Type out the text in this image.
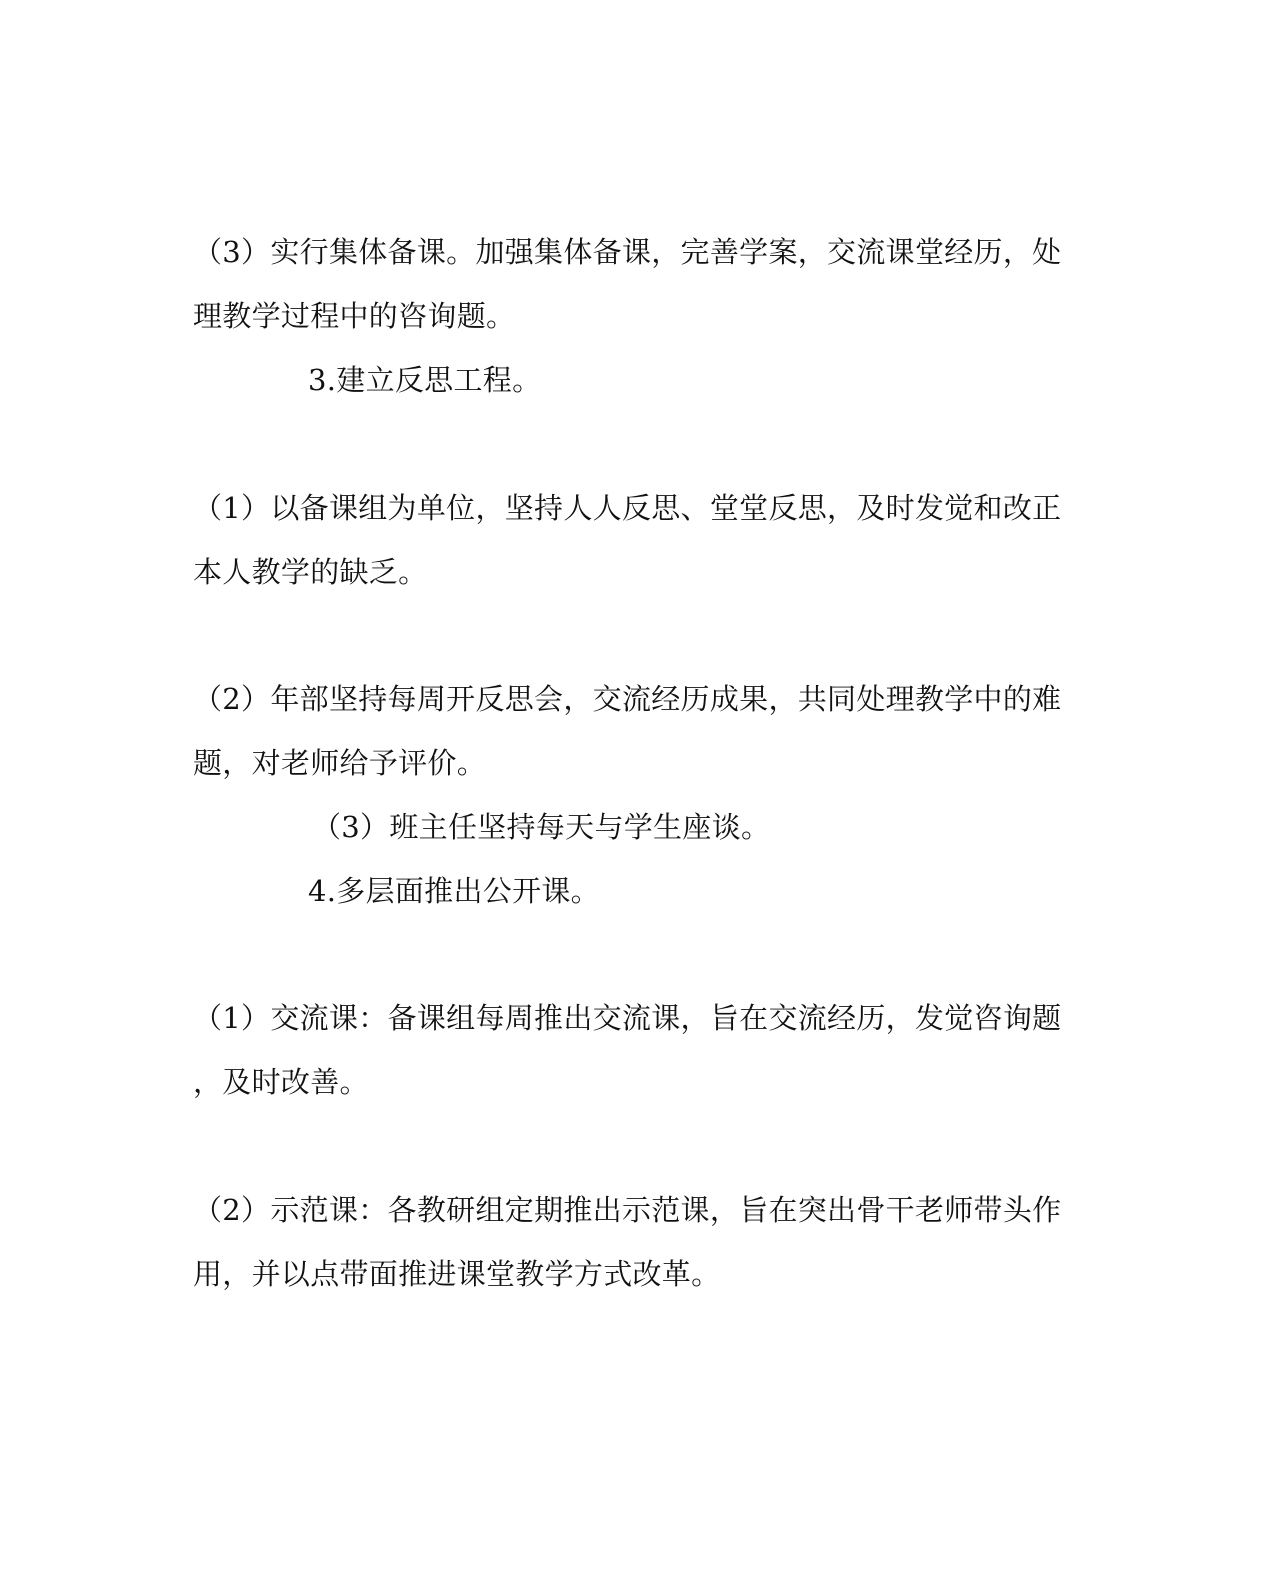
（3）实行集体备课。加强集体备课，完善学案，交流课堂经历，处
理教学过程中的咨询题。
3.建立反思工程。
（1）以备课组为单位，坚持人人反思、堂堂反思，及时发觉和改正
本人教学的缺乏。
（2）年部坚持每周开反思会，交流经历成果，共同处理教学中的难
题，对老师给予评价。
（3）班主任坚持每天与学生座谈。
4.多层面推出公开课。
（1）交流课：备课组每周推出交流课，旨在交流经历，发觉咨询题
，及时改善。
（2）示范课：各教研组定期推出示范课，旨在突出骨干老师带头作
用，并以点带面推进课堂教学方式改革。
